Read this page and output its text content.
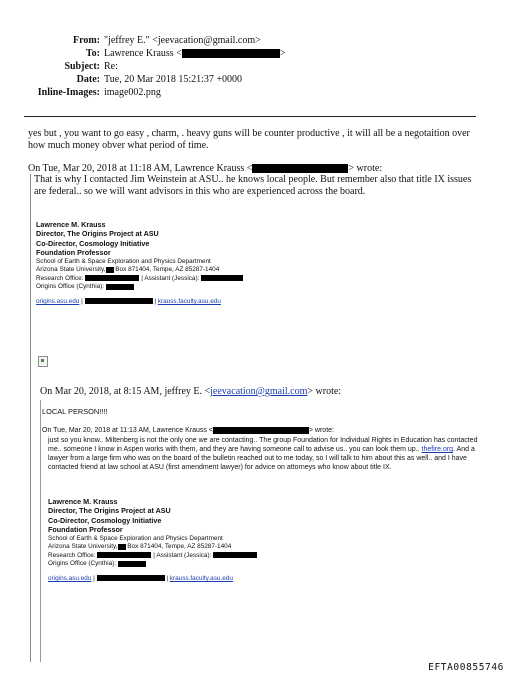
From: "jeffrey E." <jeevacation@gmail.com>
To: Lawrence Krauss <	>
Subject: Re:
Date: Tue, 20 Mar 2018 15:21:37 +0000
Inline-Images: image002.png
yes but , you want to go easy , charm, . heavy guns will be counter productive , it will all be a negotaition over how much money obver what period of time.
On Tue, Mar 20, 2018 at 11:18 AM, Lawrence Krauss <	> wrote:
That is why I contacted Jim Weinstein at ASU.. he knows local people. But remember also that title IX issues are federal.. so we will want advisors in this who are experienced across the board.
Lawrence M. Krauss
Director, The Origins Project at ASU
Co-Director, Cosmology Initiative
Foundation Professor
School of Earth & Space Exploration and Physics Department
Arizona State University, Box 871404, Tempe, AZ 85287-1404
Research Office:	| Assistant (Jessica):
Origins Office (Cynthia):
origins.asu.edu |	| krauss.faculty.asu.edu
On Mar 20, 2018, at 8:15 AM, jeffrey E. <jeevacation@gmail.com> wrote:
LOCAL PERSON!!!!
On Tue, Mar 20, 2018 at 11:13 AM, Lawrence Krauss <	> wrote:
just so you know.. Miltenberg is not the only one we are contacting.. The group Foundation for Individual Rights in Education has contacted me.. someone I know in Aspen works with them, and they are having someone call to advise us.. you can look them up.. thefire.org. And a lawyer from a large firm who was on the board of the bulletin reached out to me today, so I will talk to him about this as well.. and I have contacted friend at law school at ASU (first amendment lawyer) for advice on attorneys who know about title IX.
Lawrence M. Krauss
Director, The Origins Project at ASU
Co-Director, Cosmology Initiative
Foundation Professor
School of Earth & Space Exploration and Physics Department
Arizona State University, Box 871404, Tempe, AZ 85287-1404
Research Office:	| Assistant (Jessica):
Origins Office (Cynthia):
origins.asu.edu |	| krauss.faculty.asu.edu
EFTA00855746
